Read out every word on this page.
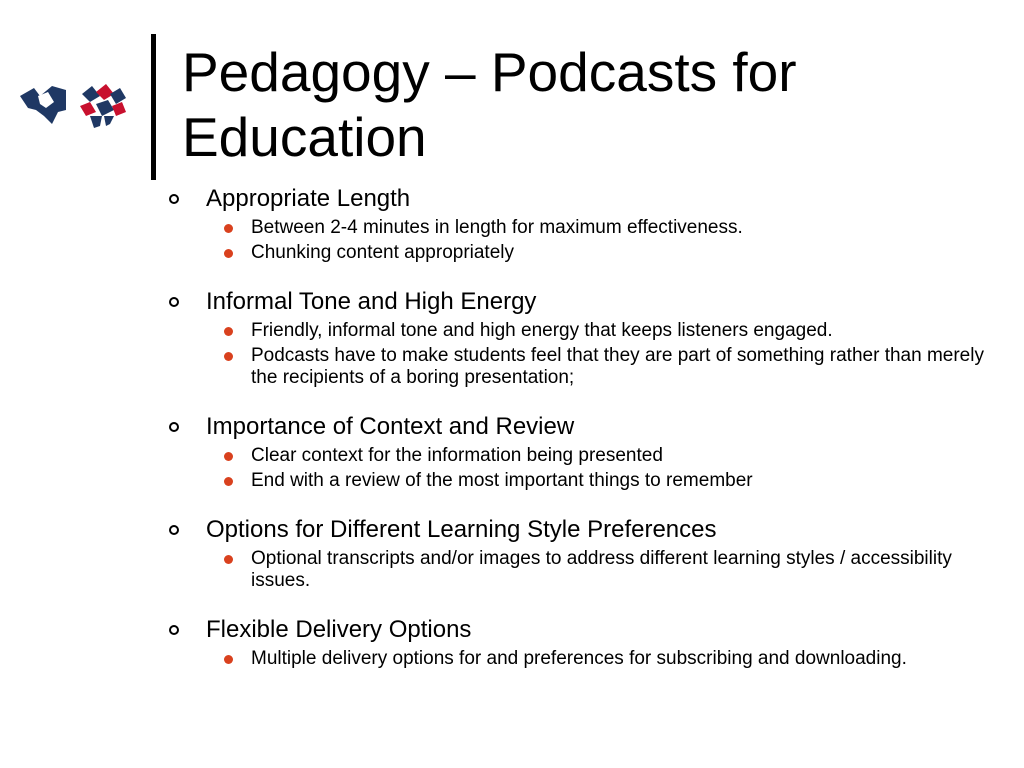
Pedagogy – Podcasts for
Education
Appropriate Length
Between 2-4 minutes in length for maximum effectiveness.
Chunking content appropriately
Informal Tone and High Energy
Friendly, informal tone and high energy that keeps listeners engaged.
Podcasts have to make students feel that they are part of something rather than merely the recipients of a boring presentation;
Importance of Context and Review
Clear context for the information being presented
End with a review of the most important things to remember
Options for Different Learning Style Preferences
Optional transcripts and/or images to address different learning styles / accessibility issues.
Flexible Delivery Options
Multiple delivery options for and preferences for subscribing and downloading.
